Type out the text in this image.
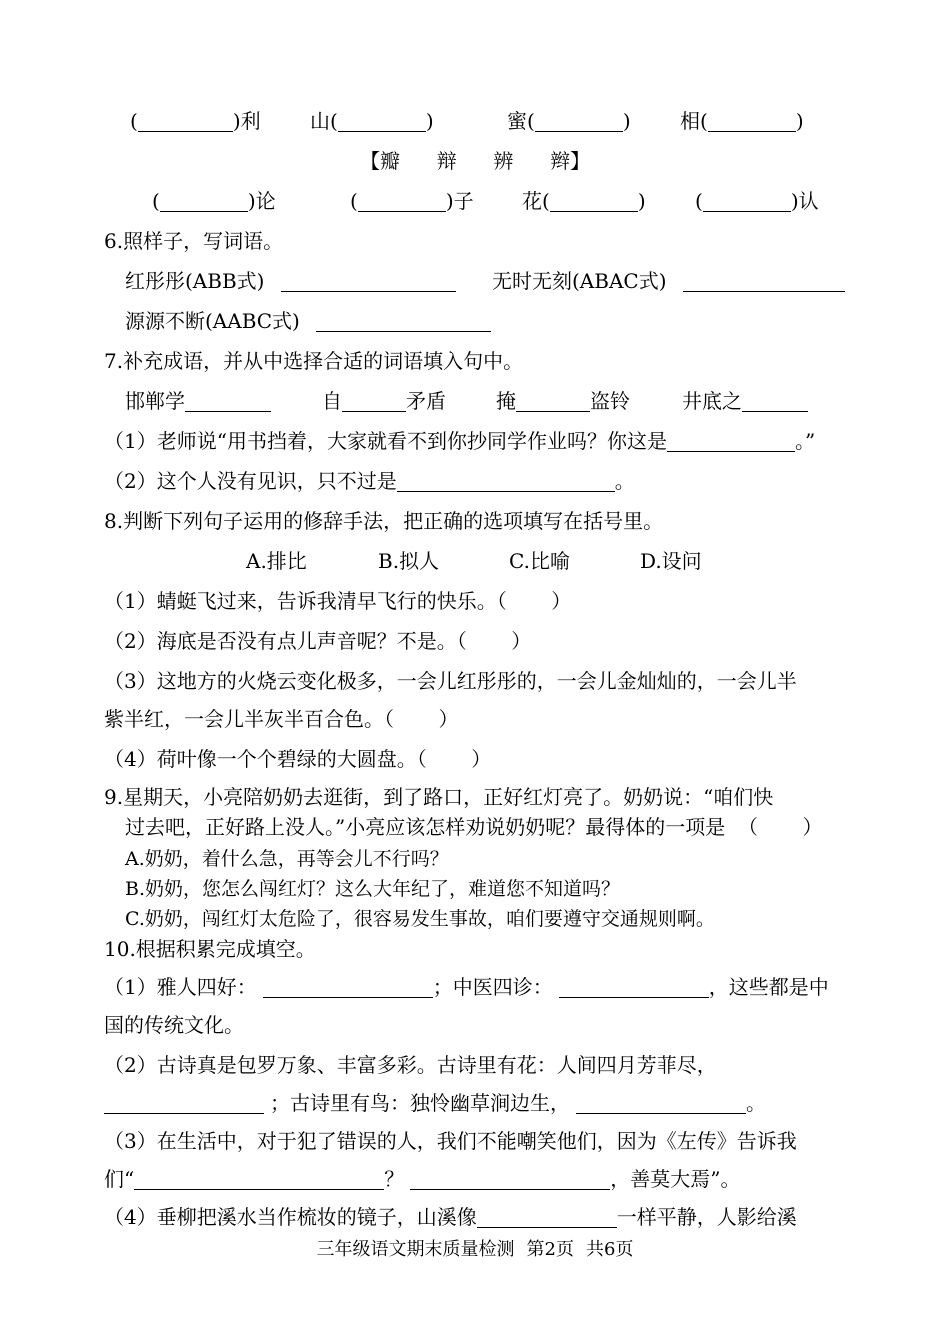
(	)利 山(	)	蜜(	) 相(	)
【瓣  辩  辨  辫】
(	)论	(	)子 花(	) (	)认
6.照样子，写词语。
红彤彤(ABB式)	无时无刻(ABAC式)
源源不断(AABC式)
7.补充成语，并从中选择合适的词语填入句中。
邯郸学	自	矛盾	掩	盗铃	井底之
（1）老师说“用书挡着，大家就看不到你抄同学作业吗？你这是	。”
（2）这个人没有见识，只不过是	。
8.判断下列句子运用的修辞手法，把正确的选项填写在括号里。
A.排比	B.拟人	C.比喻	D.设问
（1）蜻蜓飞过来，告诉我清早飞行的快乐。（       ）
（2）海底是否没有点儿声音呢？不是。（       ）
（3）这地方的火烧云变化极多，一会儿红彤彤的，一会儿金灿灿的，一会儿半
紫半红，一会儿半灰半百合色。（       ）
（4）荷叶像一个个碧绿的大圆盘。（       ）
9.星期天，小亮陪奶奶去逛街，到了路口，正好红灯亮了。奶奶说：“咱们快
过去吧，正好路上没人。”小亮应该怎样劝说奶奶呢？最得体的一项是  （       ）
A.奶奶，着什么急，再等会儿不行吗？
B.奶奶，您怎么闯红灯？这么大年纪了，难道您不知道吗？
C.奶奶，闯红灯太危险了，很容易发生事故，咱们要遵守交通规则啊。
10.根据积累完成填空。
（1）雅人四好：	；中医四诊：	，这些都是中
国的传统文化。
（2）古诗真是包罗万象、丰富多彩。古诗里有花：人间四月芳菲尽，
；古诗里有鸟：独怜幽草涧边生，	。
（3）在生活中，对于犯了错误的人，我们不能嘲笑他们，因为《左传》告诉我
们“	？	，善莫大焉”。
（4）垂柳把溪水当作梳妆的镜子，山溪像	一样平静，人影给溪
三年级语文期末质量检测 第2页 共6页
